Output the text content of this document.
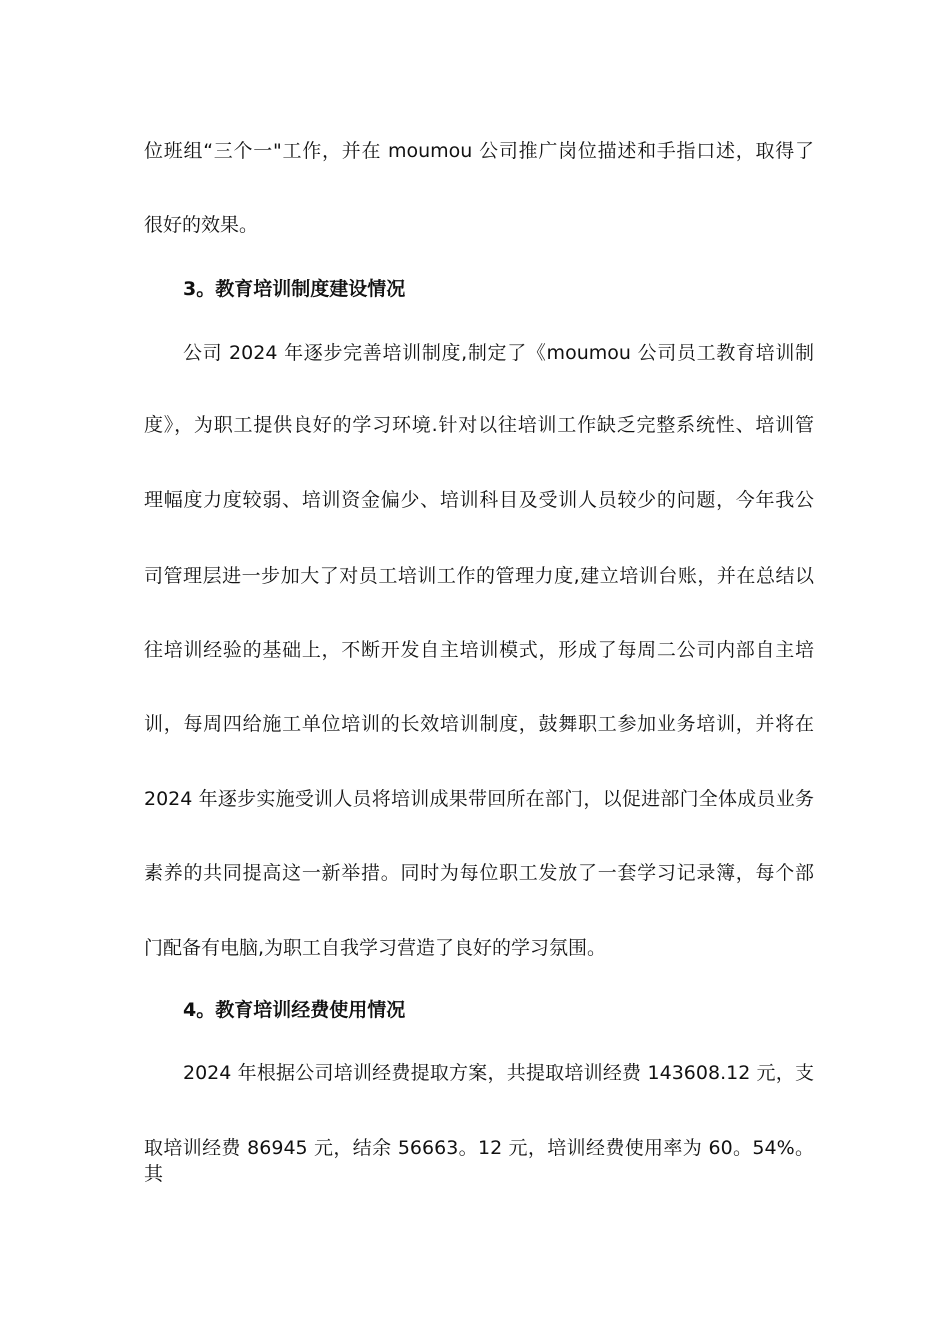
位班组“三个一"工作，并在 moumou 公司推广岗位描述和手指口述，取得了
很好的效果。
3。教育培训制度建设情况
公司 2024 年逐步完善培训制度,制定了《moumou 公司员工教育培训制
度》，为职工提供良好的学习环境.针对以往培训工作缺乏完整系统性、培训管
理幅度力度较弱、培训资金偏少、培训科目及受训人员较少的问题，今年我公
司管理层进一步加大了对员工培训工作的管理力度,建立培训台账，并在总结以
往培训经验的基础上，不断开发自主培训模式，形成了每周二公司内部自主培
训，每周四给施工单位培训的长效培训制度，鼓舞职工参加业务培训，并将在
2024 年逐步实施受训人员将培训成果带回所在部门，以促进部门全体成员业务
素养的共同提高这一新举措。同时为每位职工发放了一套学习记录簿，每个部
门配备有电脑,为职工自我学习营造了良好的学习氛围。
4。教育培训经费使用情况
2024 年根据公司培训经费提取方案，共提取培训经费 143608.12 元，支
取培训经费 86945 元，结余 56663。12 元，培训经费使用率为 60。54%。其
